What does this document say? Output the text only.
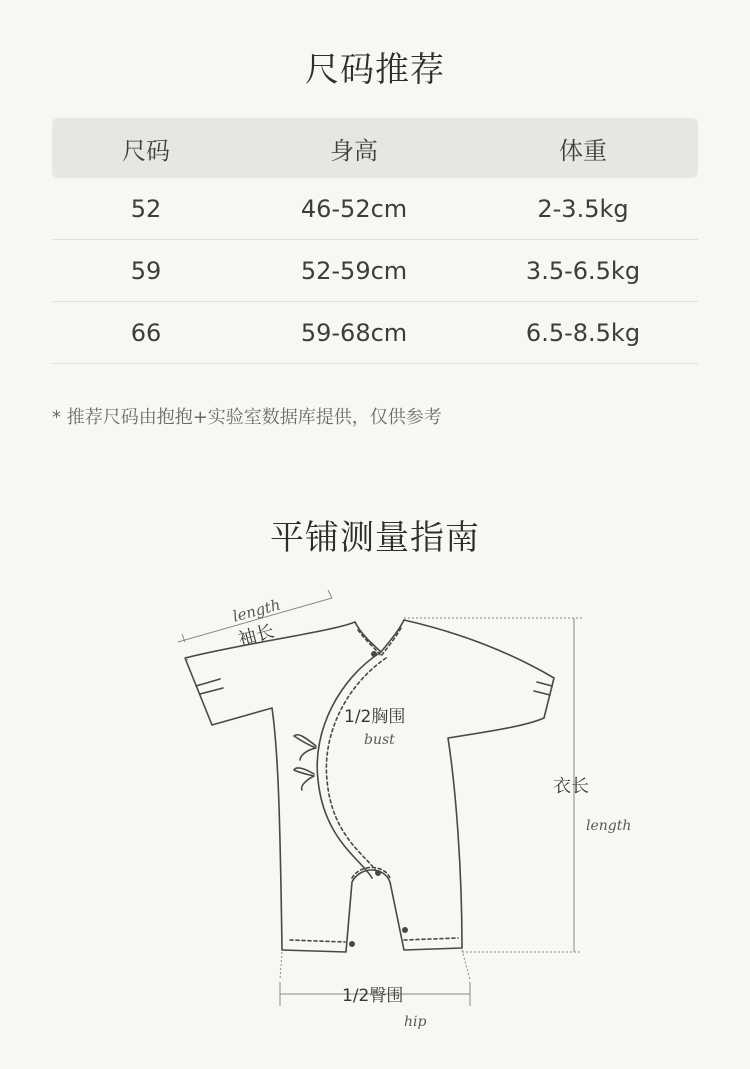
尺码推荐
尺码	身高	体重
52	46-52cm	2-3.5kg
59	52-59cm	3.5-6.5kg
66	59-68cm	6.5-8.5kg
* 推荐尺码由抱抱+实验室数据库提供，仅供参考
平铺测量指南
袖长
length
1/2胸围
bust
衣长
length
1/2臀围
hip
